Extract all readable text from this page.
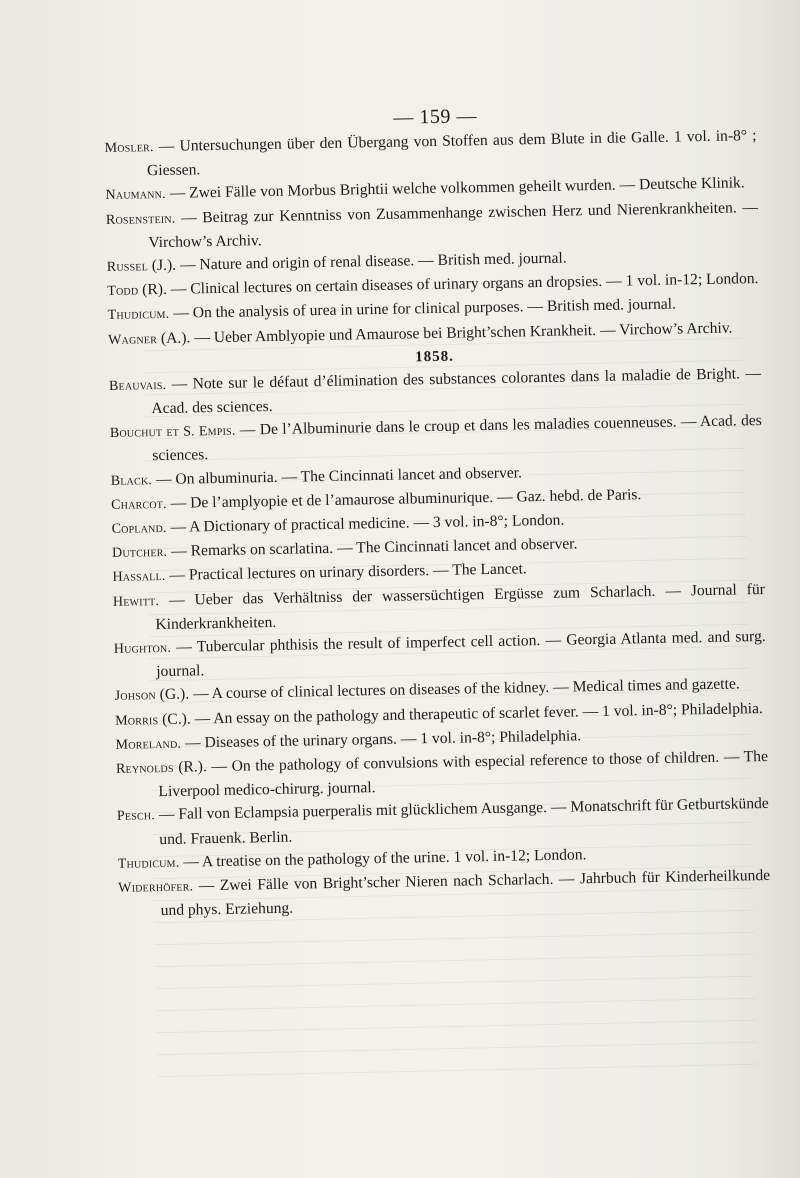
— 159 —

Mosler. — Untersuchungen über den Übergang von Stoffen aus dem Blute in die Galle. 1 vol. in-8° ; Giessen.

Naumann. — Zwei Fälle von Morbus Brightii welche volkommen geheilt wurden. — Deutsche Klinik.

Rosenstein. — Beitrag zur Kenntniss von Zusammenhange zwischen Herz und Nierenkrankheiten. — Virchow’s Archiv.

Russel (J.). — Nature and origin of renal disease. — British med. journal.

Todd (R). — Clinical lectures on certain diseases of urinary organs an dropsies. — 1 vol. in-12; London.

Thudicum. — On the analysis of urea in urine for clinical purposes. — British med. journal.

Wagner (A.). — Ueber Amblyopie und Amaurose bei Bright’schen Krankheit. — Virchow’s Archiv.

1858.

Beauvais. — Note sur le défaut d’élimination des substances colorantes dans la maladie de Bright. — Acad. des sciences.

Bouchut et S. Empis. — De l’Albuminurie dans le croup et dans les maladies couenneuses. — Acad. des sciences.

Black. — On albuminuria. — The Cincinnati lancet and observer.

Charcot. — De l’amplyopie et de l’amaurose albuminurique. — Gaz. hebd. de Paris.

Copland. — A Dictionary of practical medicine. — 3 vol. in-8°; London.

Dutcher. — Remarks on scarlatina. — The Cincinnati lancet and observer.

Hassall. — Practical lectures on urinary disorders. — The Lancet.

Hewitt. — Ueber das Verhältniss der wassersüchtigen Ergüsse zum Scharlach. — Journal für Kinderkrankheiten.

Hughton. — Tubercular phthisis the result of imperfect cell action. — Georgia Atlanta med. and surg. journal.

Johson (G.). — A course of clinical lectures on diseases of the kidney. — Medical times and gazette.

Morris (C.). — An essay on the pathology and therapeutic of scarlet fever. — 1 vol. in-8°; Philadelphia.

Moreland. — Diseases of the urinary organs. — 1 vol. in-8°; Philadelphia.

Reynolds (R.). — On the pathology of convulsions with especial reference to those of children. — The Liverpool medico-chirurg. journal.

Pesch. — Fall von Eclampsia puerperalis mit glücklichem Ausgange. — Monatschrift für Getburtskünde und. Frauenk. Berlin.

Thudicum. — A treatise on the pathology of the urine. 1 vol. in-12; London.

Widerhöfer. — Zwei Fälle von Bright’scher Nieren nach Scharlach. — Jahrbuch für Kinderheilkunde und phys. Erziehung.
